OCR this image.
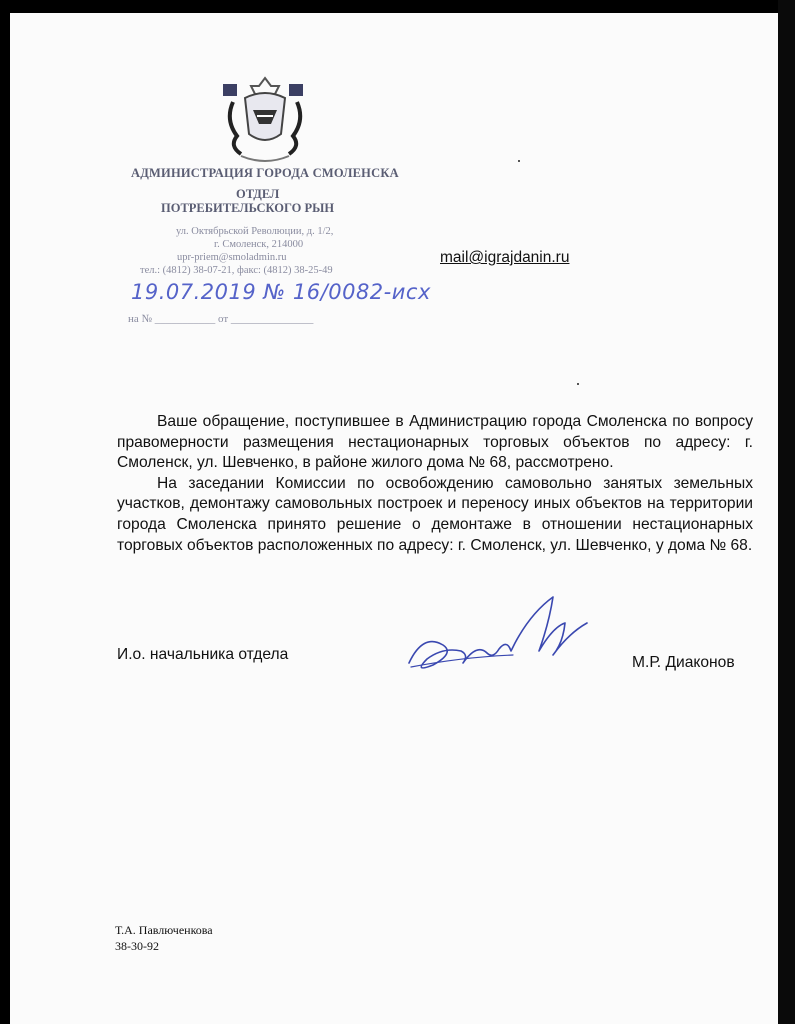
АДМИНИСТРАЦИЯ ГОРОДА СМОЛЕНСКА
ОТДЕЛ
ПОТРЕБИТЕЛЬСКОГО РЫН
ул. Октябрьской Революции, д. 1/2,
г. Смоленск, 214000
upr-priem@smoladmin.ru
тел.: (4812) 38-07-21, факс: (4812) 38-25-49
19.07.2019 № 16/0082-исх
на № ___________ от _______________
mail@igrajdanin.ru

Ваше обращение, поступившее в Администрацию города Смоленска по вопросу правомерности размещения нестационарных торговых объектов по адресу: г. Смоленск, ул. Шевченко, в районе жилого дома № 68, рассмотрено.

На заседании Комиссии по освобождению самовольно занятых земельных участков, демонтажу самовольных построек и переносу иных объектов на территории города Смоленска принято решение о демонтаже в отношении нестационарных торговых объектов расположенных по адресу: г. Смоленск, ул. Шевченко, у дома № 68.

И.о. начальника отдела	М.Р. Диаконов
Т.А. Павлюченкова
38-30-92
